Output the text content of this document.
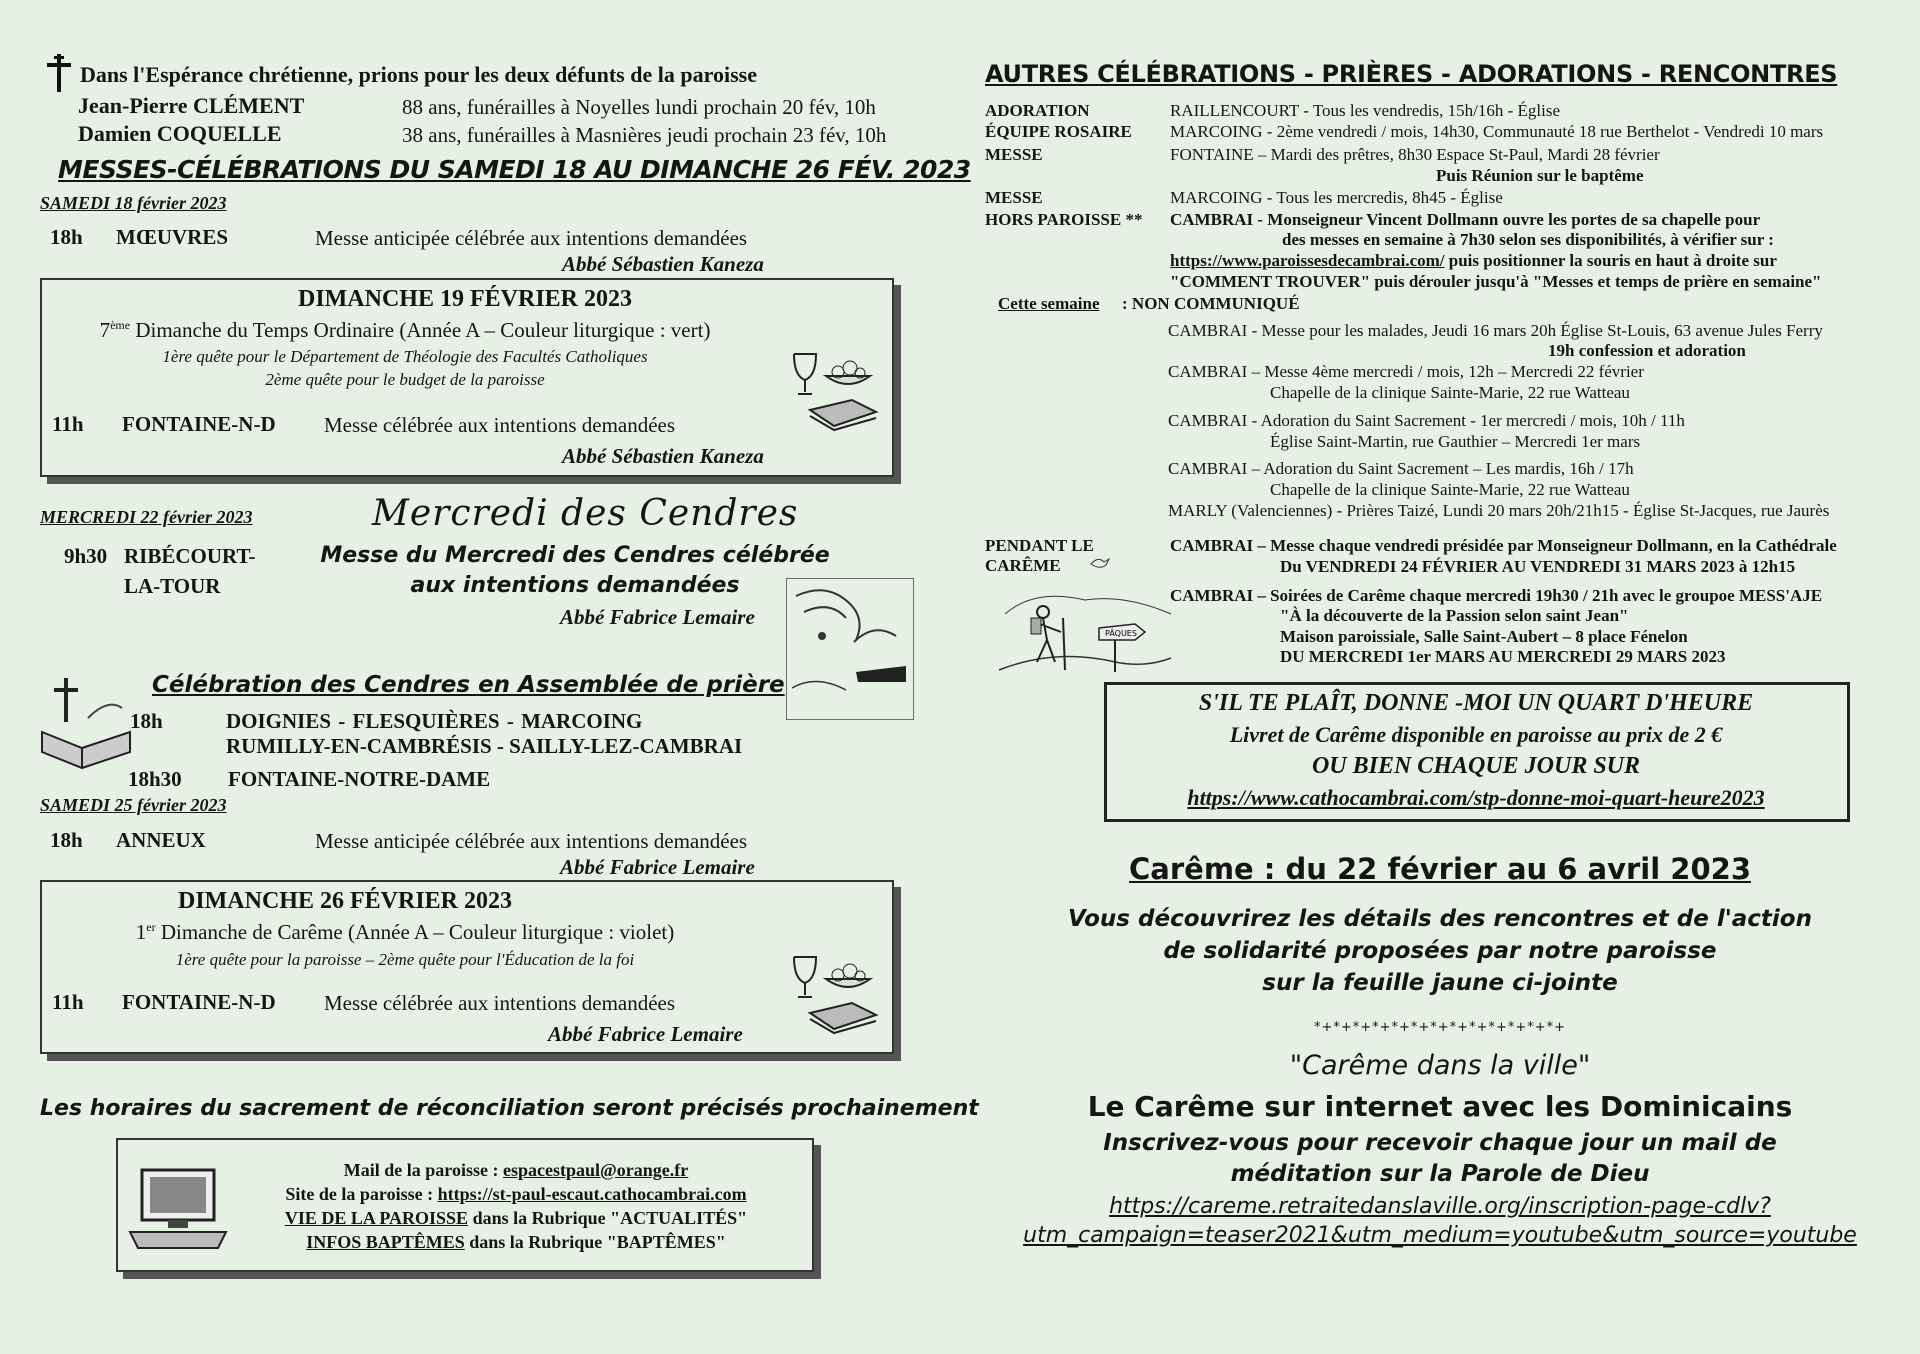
Dans l'Espérance chrétienne, prions pour les deux défunts de la paroisse
Jean-Pierre CLÉMENT	88 ans, funérailles à Noyelles lundi prochain 20 fév, 10h
Damien COQUELLE	38 ans, funérailles à Masnières jeudi prochain 23 fév, 10h
MESSES-CÉLÉBRATIONS DU SAMEDI 18 AU DIMANCHE 26 FÉV. 2023
SAMEDI 18 février 2023
18h MŒUVRES	Messe anticipée célébrée aux intentions demandées
Abbé Sébastien Kaneza
DIMANCHE 19 FÉVRIER 2023
7ème Dimanche du Temps Ordinaire (Année A – Couleur liturgique : vert)
1ère quête pour le Département de Théologie des Facultés Catholiques
2ème quête pour le budget de la paroisse
11h FONTAINE-N-D Messe célébrée aux intentions demandées
Abbé Sébastien Kaneza
MERCREDI 22 février 2023	Mercredi des Cendres
9h30 RIBÉCOURT-
LA-TOUR
Messe du Mercredi des Cendres célébrée
aux intentions demandées
Abbé Fabrice Lemaire
Célébration des Cendres en Assemblée de prière
18h	DOIGNIES - FLESQUIÈRES - MARCOING
RUMILLY-EN-CAMBRÉSIS - SAILLY-LEZ-CAMBRAI
18h30 FONTAINE-NOTRE-DAME
SAMEDI 25 février 2023
18h ANNEUX	Messe anticipée célébrée aux intentions demandées
Abbé Fabrice Lemaire
DIMANCHE 26 FÉVRIER 2023
1er Dimanche de Carême (Année A – Couleur liturgique : violet)
1ère quête pour la paroisse – 2ème quête pour l'Éducation de la foi
11h FONTAINE-N-D Messe célébrée aux intentions demandées
Abbé Fabrice Lemaire
Les horaires du sacrement de réconciliation seront précisés prochainement
Mail de la paroisse : espacestpaul@orange.fr
Site de la paroisse : https://st-paul-escaut.cathocambrai.com
VIE DE LA PAROISSE dans la Rubrique "ACTUALITÉS"
INFOS BAPTÊMES dans la Rubrique "BAPTÊMES"
AUTRES CÉLÉBRATIONS - PRIÈRES - ADORATIONS - RENCONTRES
ADORATION	RAILLENCOURT - Tous les vendredis, 15h/16h - Église
ÉQUIPE ROSAIRE MARCOING - 2ème vendredi / mois, 14h30, Communauté 18 rue Berthelot - Vendredi 10 mars
MESSE	FONTAINE – Mardi des prêtres, 8h30 Espace St-Paul, Mardi 28 février
Puis Réunion sur le baptême
MESSE	MARCOING - Tous les mercredis, 8h45 - Église
HORS PAROISSE ** CAMBRAI - Monseigneur Vincent Dollmann ouvre les portes de sa chapelle pour
des messes en semaine à 7h30 selon ses disponibilités, à vérifier sur :
https://www.paroissesdecambrai.com/ puis positionner la souris en haut à droite sur
"COMMENT TROUVER" puis dérouler jusqu'à "Messes et temps de prière en semaine"
Cette semaine : NON COMMUNIQUÉ
CAMBRAI - Messe pour les malades, Jeudi 16 mars 20h Église St-Louis, 63 avenue Jules Ferry
19h confession et adoration
CAMBRAI – Messe 4ème mercredi / mois, 12h – Mercredi 22 février
Chapelle de la clinique Sainte-Marie, 22 rue Watteau
CAMBRAI - Adoration du Saint Sacrement - 1er mercredi / mois, 10h / 11h
Église Saint-Martin, rue Gauthier – Mercredi 1er mars
CAMBRAI – Adoration du Saint Sacrement – Les mardis, 16h / 17h
Chapelle de la clinique Sainte-Marie, 22 rue Watteau
MARLY (Valenciennes) - Prières Taizé, Lundi 20 mars 20h/21h15 - Église St-Jacques, rue Jaurès
PENDANT LE
CARÊME
CAMBRAI – Messe chaque vendredi présidée par Monseigneur Dollmann, en la Cathédrale
Du VENDREDI 24 FÉVRIER AU VENDREDI 31 MARS 2023 à 12h15
CAMBRAI – Soirées de Carême chaque mercredi 19h30 / 21h avec le groupoe MESS'AJE
"À la découverte de la Passion selon saint Jean"
Maison paroissiale, Salle Saint-Aubert – 8 place Fénelon
DU MERCREDI 1er MARS AU MERCREDI 29 MARS 2023
PÂQUES
S'IL TE PLAÎT, DONNE -MOI UN QUART D'HEURE
Livret de Carême disponible en paroisse au prix de 2 €
OU BIEN CHAQUE JOUR SUR
https://www.cathocambrai.com/stp-donne-moi-quart-heure2023
Carême : du 22 février au 6 avril 2023
Vous découvrirez les détails des rencontres et de l'action
de solidarité proposées par notre paroisse
sur la feuille jaune ci-jointe
*+*+*+*+*+*+*+*+*+*+*+*+*+
"Carême dans la ville"
Le Carême sur internet avec les Dominicains
Inscrivez-vous pour recevoir chaque jour un mail de
méditation sur la Parole de Dieu
https://careme.retraitedanslaville.org/inscription-page-cdlv?
utm_campaign=teaser2021&utm_medium=youtube&utm_source=youtube
